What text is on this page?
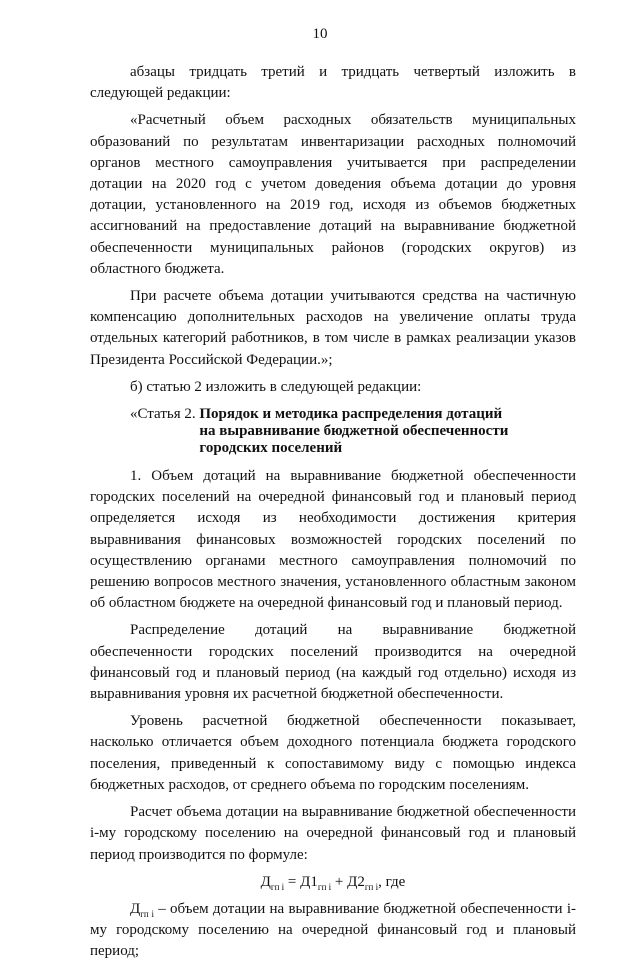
10

абзацы тридцать третий и тридцать четвертый изложить в следующей редакции:

«Расчетный объем расходных обязательств муниципальных образований по результатам инвентаризации расходных полномочий органов местного самоуправления учитывается при распределении дотации на 2020 год с учетом доведения объема дотации до уровня дотации, установленного на 2019 год, исходя из объемов бюджетных ассигнований на предоставление дотаций на выравнивание бюджетной обеспеченности муниципальных районов (городских округов) из областного бюджета.

При расчете объема дотации учитываются средства на частичную компенсацию дополнительных расходов на увеличение оплаты труда отдельных категорий работников, в том числе в рамках реализации указов Президента Российской Федерации.»;

б) статью 2 изложить в следующей редакции:

«Статья 2. Порядок и методика распределения дотаций
на выравнивание бюджетной обеспеченности
городских поселений

1. Объем дотаций на выравнивание бюджетной обеспеченности городских поселений на очередной финансовый год и плановый период определяется исходя из необходимости достижения критерия выравнивания финансовых возможностей городских поселений по осуществлению органами местного самоуправления полномочий по решению вопросов местного значения, установленного областным законом об областном бюджете на очередной финансовый год и плановый период.

Распределение дотаций на выравнивание бюджетной обеспеченности городских поселений производится на очередной финансовый год и плановый период (на каждый год отдельно) исходя из выравнивания уровня их расчетной бюджетной обеспеченности.

Уровень расчетной бюджетной обеспеченности показывает, насколько отличается объем доходного потенциала бюджета городского поселения, приведенный к сопоставимому виду с помощью индекса бюджетных расходов, от среднего объема по городским поселениям.

Расчет объема дотации на выравнивание бюджетной обеспеченности i-му городскому поселению на очередной финансовый год и плановый период производится по формуле:

$Д_{гп i} = Д1_{гп i} + Д2_{гп i}$, где

$Д_{гп i}$ – объем дотации на выравнивание бюджетной обеспеченности i-му городскому поселению на очередной финансовый год и плановый период;
